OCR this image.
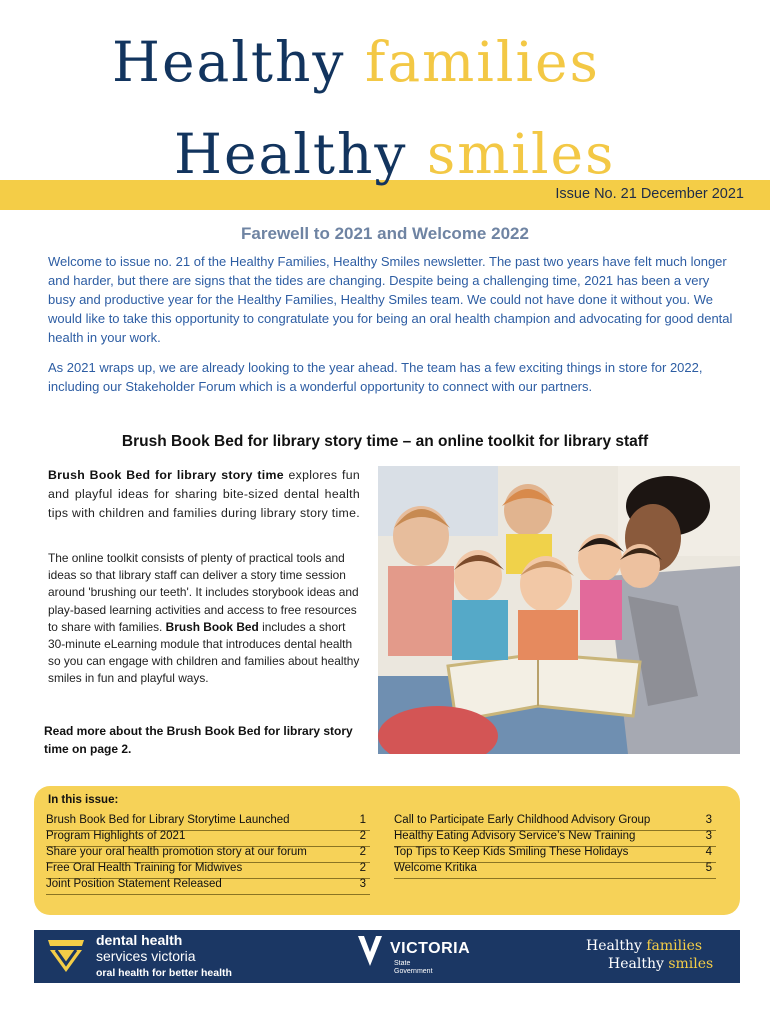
Healthy families
Healthy smiles
Issue No. 21 December 2021
Farewell to 2021 and Welcome 2022

Welcome to issue no. 21 of the Healthy Families, Healthy Smiles newsletter. The past two years have felt much longer and harder, but there are signs that the tides are changing. Despite being a challenging time, 2021 has been a very busy and productive year for the Healthy Families, Healthy Smiles team. We could not have done it without you. We would like to take this opportunity to congratulate you for being an oral health champion and advocating for good dental health in your work.

As 2021 wraps up, we are already looking to the year ahead. The team has a few exciting things in store for 2022, including our Stakeholder Forum which is a wonderful opportunity to connect with our partners.

Brush Book Bed for library story time – an online toolkit for library staff

Brush Book Bed for library story time explores fun and playful ideas for sharing bite-sized dental health tips with children and families during library story time.

The online toolkit consists of plenty of practical tools and ideas so that library staff can deliver a story time session around 'brushing our teeth'. It includes storybook ideas and play-based learning activities and access to free resources to share with families. Brush Book Bed includes a short 30-minute eLearning module that introduces dental health so you can engage with children and families about healthy smiles in fun and playful ways.

Read more about the Brush Book Bed for library story time on page 2.

In this issue:
Brush Book Bed for Library Storytime Launched	1
Program Highlights of 2021	2
Share your oral health promotion story at our forum	2
Free Oral Health Training for Midwives	2
Joint Position Statement Released	3
Call to Participate Early Childhood Advisory Group	3
Healthy Eating Advisory Service’s New Training	3
Top Tips to Keep Kids Smiling These Holidays	4
Welcome Kritika	5
dental health
services victoria
oral health for better health
VICTORIA
State
Government
Healthy families
Healthy smiles
